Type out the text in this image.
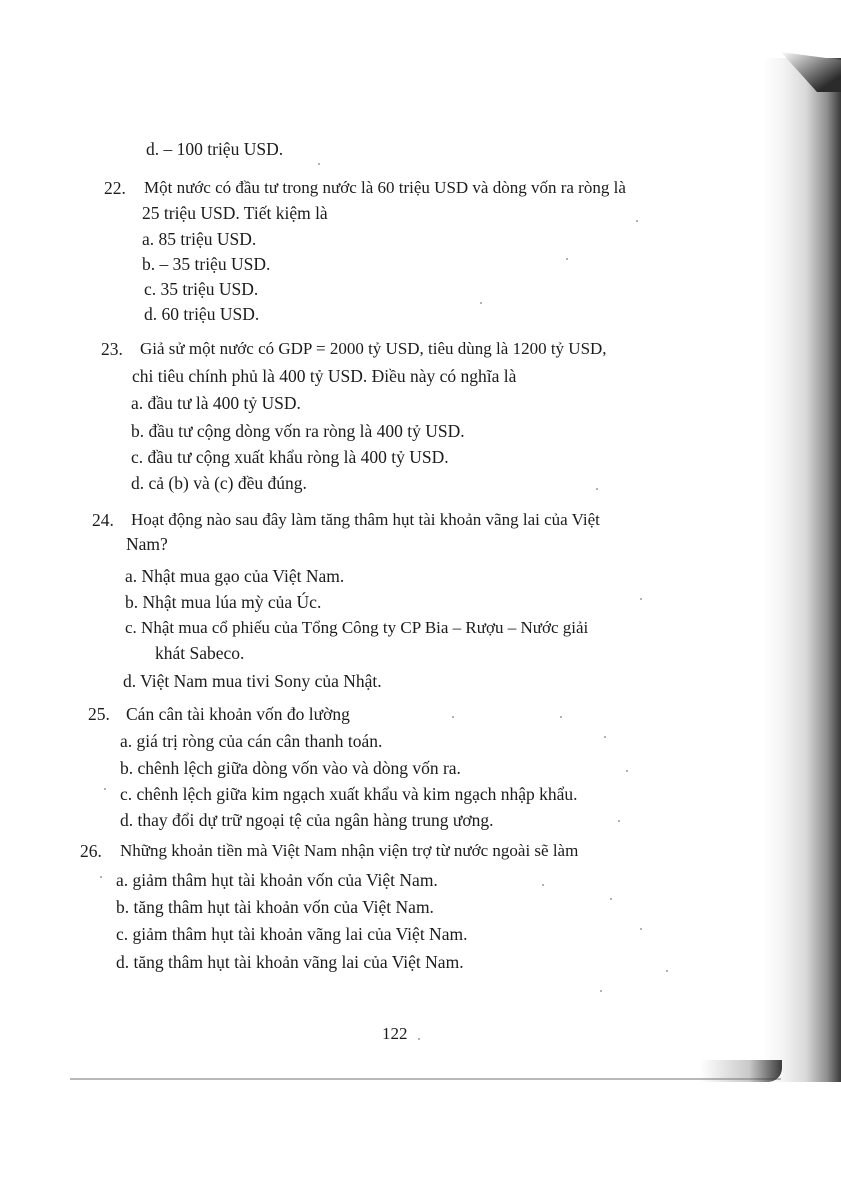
d. – 100 triệu USD.
22. Một nước có đầu tư trong nước là 60 triệu USD và dòng vốn ra ròng là
25 triệu USD. Tiết kiệm là
a. 85 triệu USD.
b. – 35 triệu USD.
c. 35 triệu USD.
d. 60 triệu USD.
23. Giả sử một nước có GDP = 2000 tỷ USD, tiêu dùng là 1200 tỷ USD,
chi tiêu chính phủ là 400 tỷ USD. Điều này có nghĩa là
a. đầu tư là 400 tỷ USD.
b. đầu tư cộng dòng vốn ra ròng là 400 tỷ USD.
c. đầu tư cộng xuất khẩu ròng là 400 tỷ USD.
d. cả (b) và (c) đều đúng.
24. Hoạt động nào sau đây làm tăng thâm hụt tài khoản vãng lai của Việt
Nam?
a. Nhật mua gạo của Việt Nam.
b. Nhật mua lúa mỳ của Úc.
c. Nhật mua cổ phiếu của Tổng Công ty CP Bia – Rượu – Nước giải
khát Sabeco.
d. Việt Nam mua tivi Sony của Nhật.
25. Cán cân tài khoản vốn đo lường
a. giá trị ròng của cán cân thanh toán.
b. chênh lệch giữa dòng vốn vào và dòng vốn ra.
c. chênh lệch giữa kim ngạch xuất khẩu và kim ngạch nhập khẩu.
d. thay đổi dự trữ ngoại tệ của ngân hàng trung ương.
26. Những khoản tiền mà Việt Nam nhận viện trợ từ nước ngoài sẽ làm
a. giảm thâm hụt tài khoản vốn của Việt Nam.
b. tăng thâm hụt tài khoản vốn của Việt Nam.
c. giảm thâm hụt tài khoản vãng lai của Việt Nam.
d. tăng thâm hụt tài khoản vãng lai của Việt Nam.
122
